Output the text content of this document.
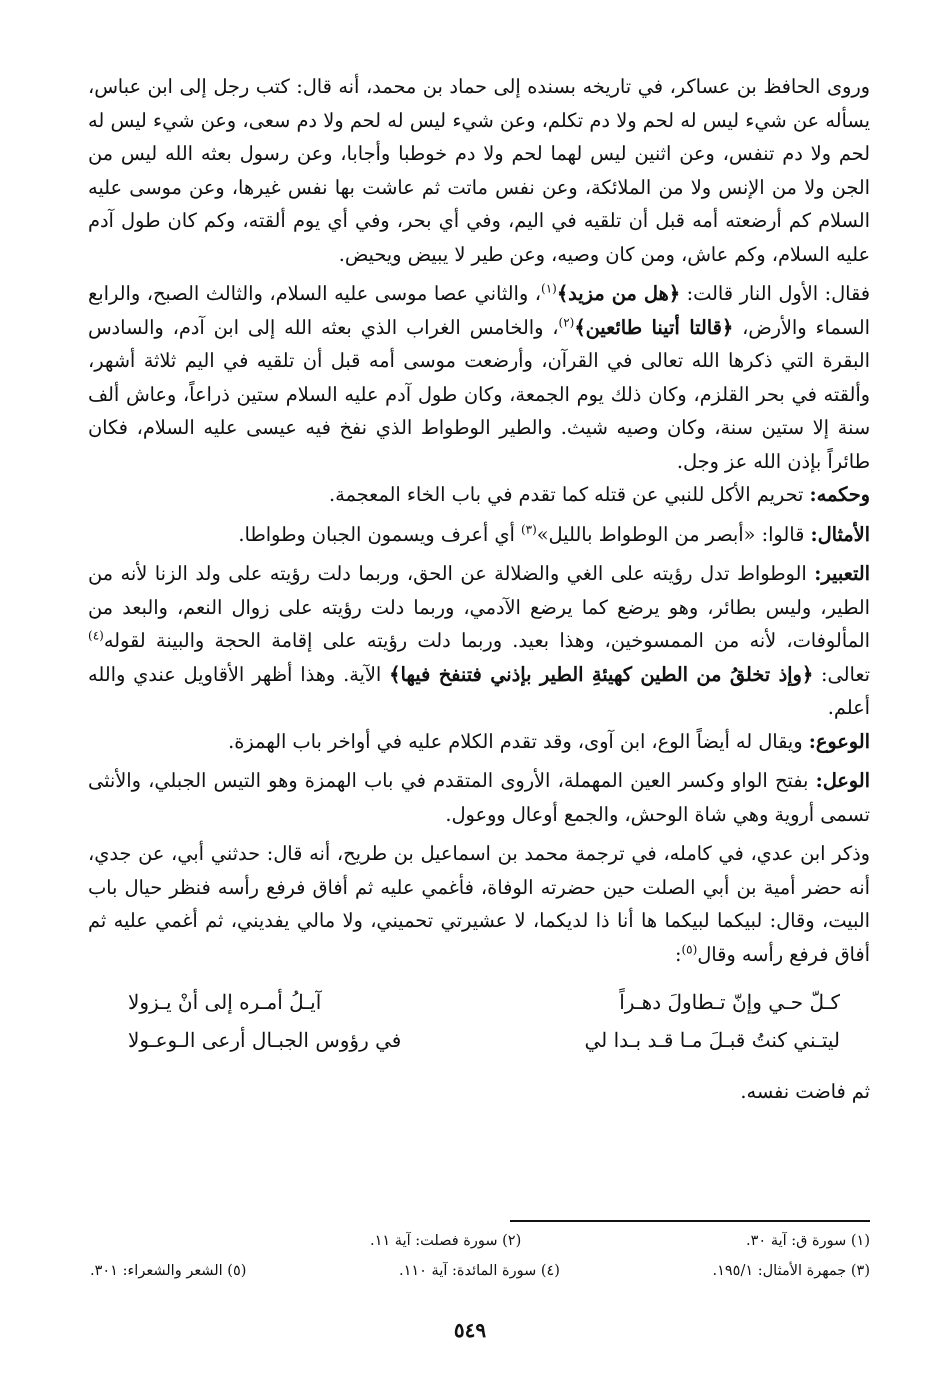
وروى الحافظ بن عساكر، في تاريخه بسنده إلى حماد بن محمد، أنه قال: كتب رجل إلى ابن عباس، يسأله عن شيء ليس له لحم ولا دم تكلم، وعن شيء ليس له لحم ولا دم سعى، وعن شيء ليس له لحم ولا دم تنفس، وعن اثنين ليس لهما لحم ولا دم خوطبا وأجابا، وعن رسول بعثه الله ليس من الجن ولا من الإنس ولا من الملائكة، وعن نفس ماتت ثم عاشت بها نفس غيرها، وعن موسى عليه السلام كم أرضعته أمه قبل أن تلقيه في اليم، وفي أي بحر، وفي أي يوم ألقته، وكم كان طول آدم عليه السلام، وكم عاش، ومن كان وصيه، وعن طير لا يبيض ويحيض.

فقال: الأول النار قالت: ﴿هل من مزيد﴾$^{(١)}$، والثاني عصا موسى عليه السلام، والثالث الصبح، والرابع السماء والأرض، ﴿قالتا أتينا طائعين﴾$^{(٢)}$، والخامس الغراب الذي بعثه الله إلى ابن آدم، والسادس البقرة التي ذكرها الله تعالى في القرآن، وأرضعت موسى أمه قبل أن تلقيه في اليم ثلاثة أشهر، وألقته في بحر القلزم، وكان ذلك يوم الجمعة، وكان طول آدم عليه السلام ستين ذراعاً، وعاش ألف سنة إلا ستين سنة، وكان وصيه شيث. والطير الوطواط الذي نفخ فيه عيسى عليه السلام، فكان طائراً بإذن الله عز وجل.

وحكمه: تحريم الأكل للنبي عن قتله كما تقدم في باب الخاء المعجمة.

الأمثال: قالوا: «أبصر من الوطواط بالليل»$^{(٣)}$ أي أعرف ويسمون الجبان وطواطا.

التعبير: الوطواط تدل رؤيته على الغي والضلالة عن الحق، وربما دلت رؤيته على ولد الزنا لأنه من الطير، وليس بطائر، وهو يرضع كما يرضع الآدمي، وربما دلت رؤيته على زوال النعم، والبعد من المألوفات، لأنه من الممسوخين، وهذا بعيد. وربما دلت رؤيته على إقامة الحجة والبينة لقوله$^{(٤)}$ تعالى: ﴿وإذ تخلقُ من الطين كهيئةِ الطير بإذني فتنفخ فيها﴾ الآية. وهذا أظهر الأقاويل عندي والله أعلم.

الوعوع: ويقال له أيضاً الوع، ابن آوى، وقد تقدم الكلام عليه في أواخر باب الهمزة.

الوعل: بفتح الواو وكسر العين المهملة، الأروى المتقدم في باب الهمزة وهو التيس الجبلي، والأنثى تسمى أروية وهي شاة الوحش، والجمع أوعال ووعول.

وذكر ابن عدي، في كامله، في ترجمة محمد بن اسماعيل بن طريح، أنه قال: حدثني أبي، عن جدي، أنه حضر أمية بن أبي الصلت حين حضرته الوفاة، فأغمي عليه ثم أفاق فرفع رأسه فنظر حيال باب البيت، وقال: لبيكما لبيكما ها أنا ذا لديكما، لا عشيرتي تحميني، ولا مالي يفديني، ثم أغمي عليه ثم أفاق فرفع رأسه وقال$^{(٥)}$:

كـلّ حـي وإنّ تـطاولَ دهـراً
آيـلُ أمـره إلى أنْ يـزولا
ليتـني كنتُ قبـلَ مـا قـد بـدا لي
في رؤوس الجبـال أرعى الـوعـولا

ثم فاضت نفسه.

(١) سورة ق: آية ٣٠.
(٢) سورة فصلت: آية ١١.
(٣) جمهرة الأمثال: ١٩٥/١.
(٤) سورة المائدة: آية ١١٠.
(٥) الشعر والشعراء: ٣٠١.
٥٤٩
